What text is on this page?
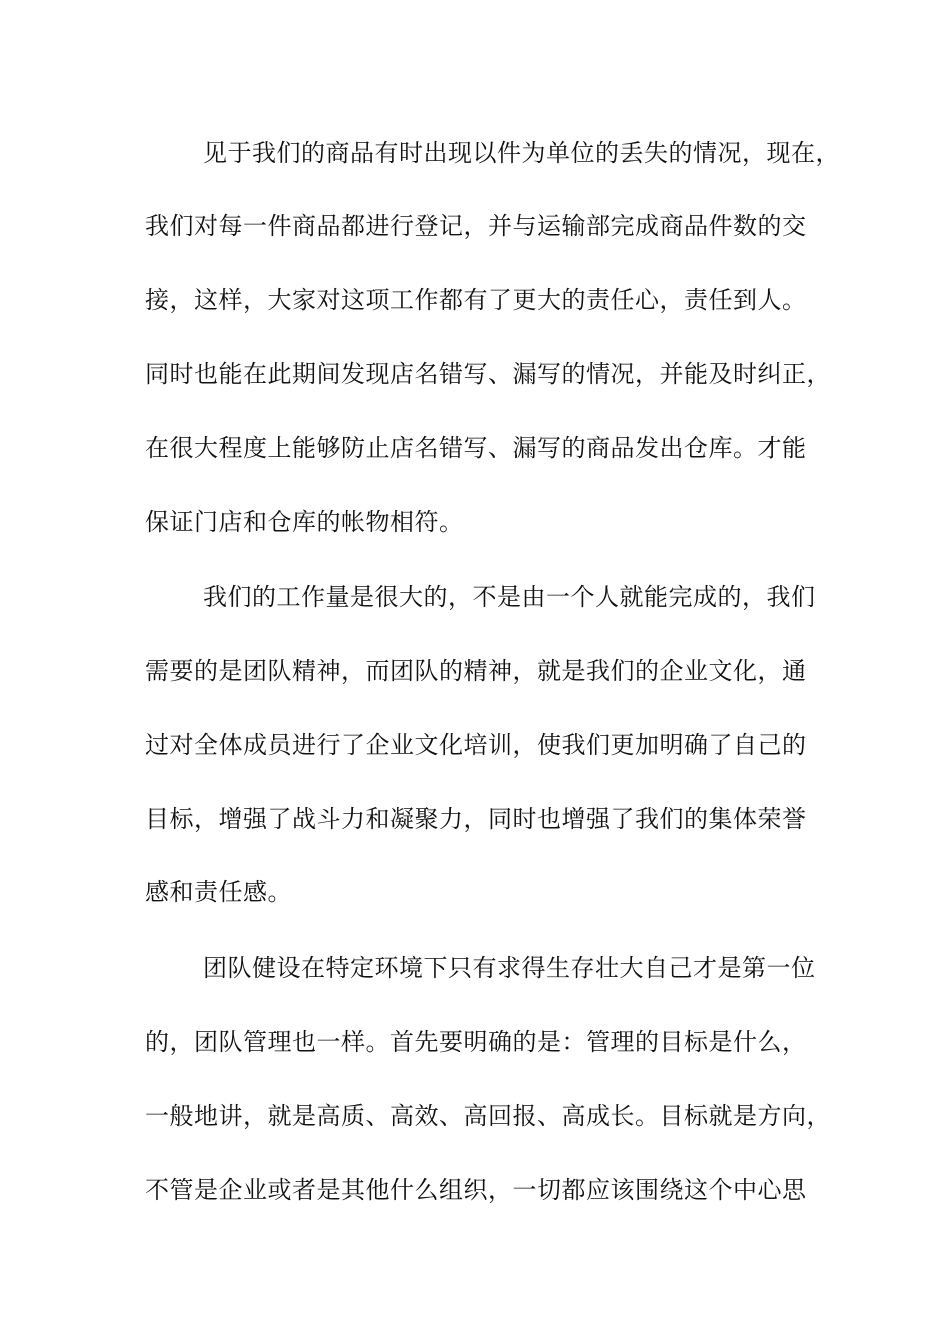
见于我们的商品有时出现以件为单位的丢失的情况，现在，
我们对每一件商品都进行登记，并与运输部完成商品件数的交
接，这样，大家对这项工作都有了更大的责任心，责任到人。
同时也能在此期间发现店名错写、漏写的情况，并能及时纠正，
在很大程度上能够防止店名错写、漏写的商品发出仓库。才能
保证门店和仓库的帐物相符。
我们的工作量是很大的，不是由一个人就能完成的，我们
需要的是团队精神，而团队的精神，就是我们的企业文化，通
过对全体成员进行了企业文化培训，使我们更加明确了自己的
目标，增强了战斗力和凝聚力，同时也增强了我们的集体荣誉
感和责任感。
团队健设在特定环境下只有求得生存壮大自己才是第一位
的，团队管理也一样。首先要明确的是：管理的目标是什么，
一般地讲，就是高质、高效、高回报、高成长。目标就是方向，
不管是企业或者是其他什么组织，一切都应该围绕这个中心思
